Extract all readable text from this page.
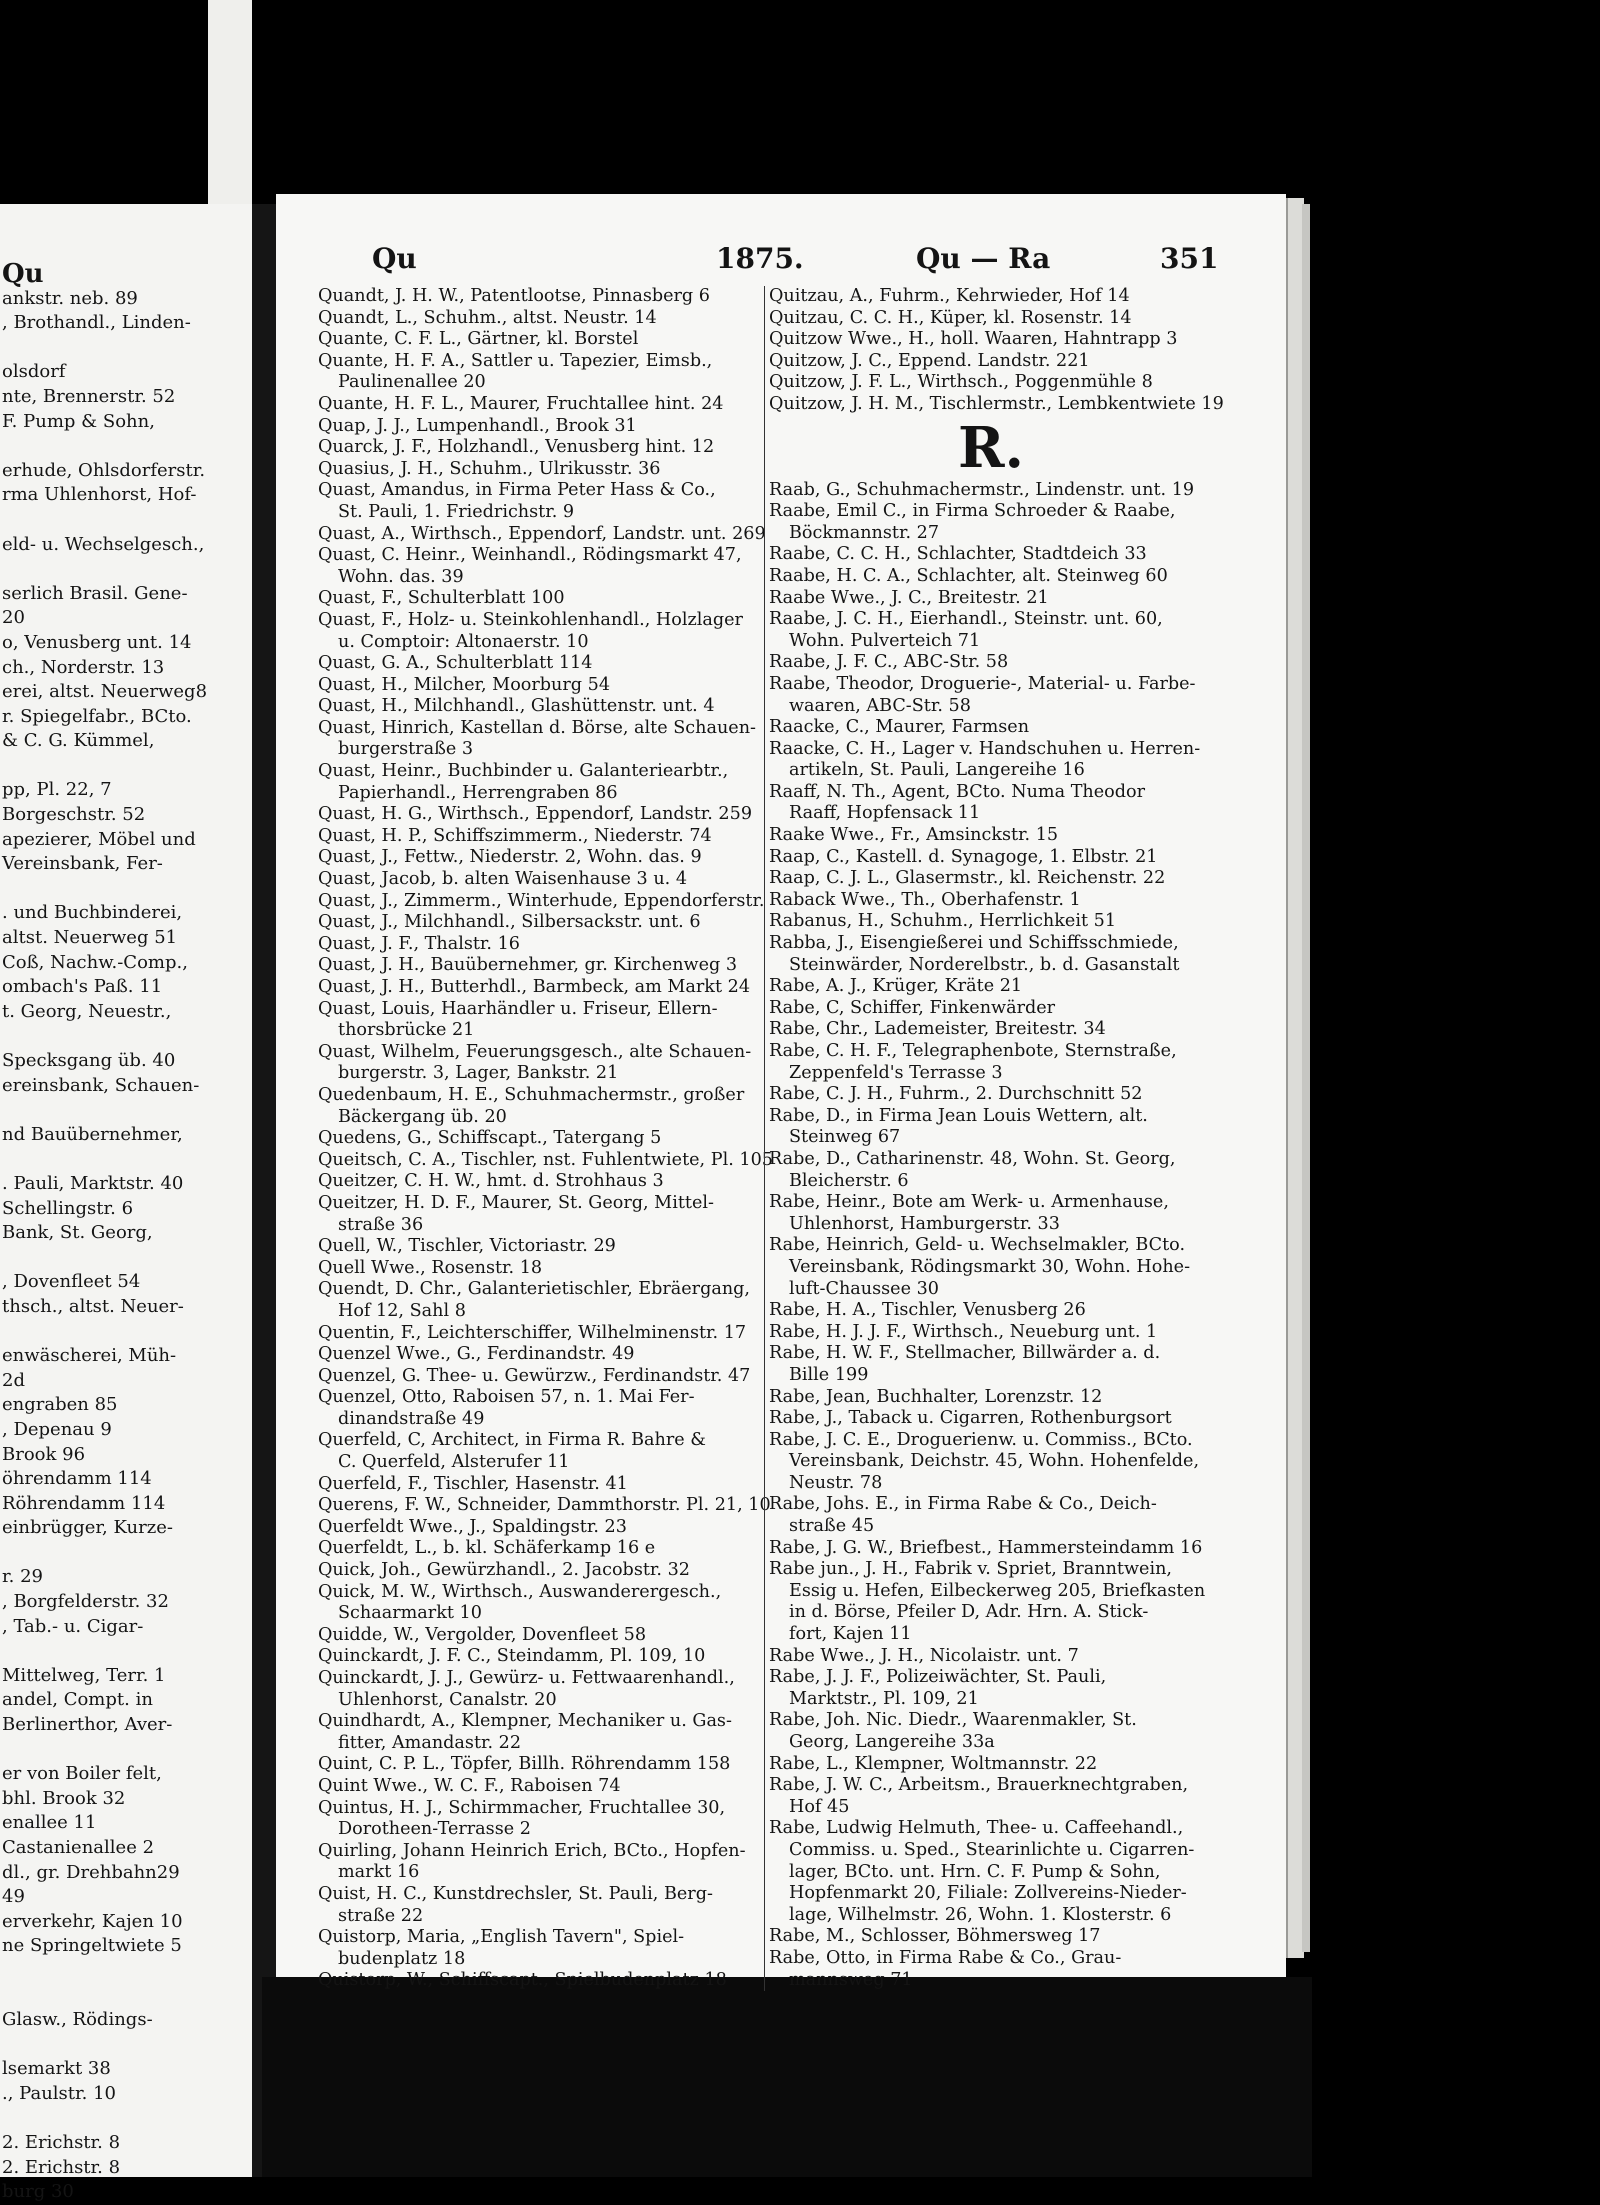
Qu
ankstr. neb. 89
, Brothandl., Linden-

olsdorf
nte, Brennerstr. 52
F. Pump & Sohn,

erhude, Ohlsdorferstr.
rma Uhlenhorst, Hof-

eld- u. Wechselgesch.,

serlich Brasil. Gene-
20
o, Venusberg unt. 14
ch., Norderstr. 13
erei, altst. Neuerweg8
r. Spiegelfabr., BCto.
& C. G. Kümmel,

pp, Pl. 22, 7
Borgeschstr. 52
apezierer, Möbel und
Vereinsbank, Fer-

. und Buchbinderei,
altst. Neuerweg 51
Coß, Nachw.-Comp.,
ombach's Paß. 11
t. Georg, Neuestr.,

Specksgang üb. 40
ereinsbank, Schauen-

nd Bauübernehmer,

. Pauli, Marktstr. 40
Schellingstr. 6
Bank, St. Georg,

, Dovenfleet 54
thsch., altst. Neuer-

enwäscherei, Müh-
2d
engraben 85
, Depenau 9
Brook 96
öhrendamm 114
Röhrendamm 114
einbrügger, Kurze-

r. 29
, Borgfelderstr. 32
, Tab.- u. Cigar-

Mittelweg, Terr. 1
andel, Compt. in
Berlinerthor, Aver-

er von Boiler felt,
bhl. Brook 32
enallee 11
Castanienallee 2
dl., gr. Drehbahn29
49
erverkehr, Kajen 10
ne Springeltwiete 5

Glasw., Rödings-

lsemarkt 38
., Paulstr. 10

2. Erichstr. 8
2. Erichstr. 8
burg 30
Qu	1875.	Qu — Ra	351
Quandt, J. H. W., Patentlootse, Pinnasberg 6
Quandt, L., Schuhm., altst. Neustr. 14
Quante, C. F. L., Gärtner, kl. Borstel
Quante, H. F. A., Sattler u. Tapezier, Eimsb.,
Paulinenallee 20
Quante, H. F. L., Maurer, Fruchtallee hint. 24
Quap, J. J., Lumpenhandl., Brook 31
Quarck, J. F., Holzhandl., Venusberg hint. 12
Quasius, J. H., Schuhm., Ulrikusstr. 36
Quast, Amandus, in Firma Peter Hass & Co.,
St. Pauli, 1. Friedrichstr. 9
Quast, A., Wirthsch., Eppendorf, Landstr. unt. 269
Quast, C. Heinr., Weinhandl., Rödingsmarkt 47,
Wohn. das. 39
Quast, F., Schulterblatt 100
Quast, F., Holz- u. Steinkohlenhandl., Holzlager
u. Comptoir: Altonaerstr. 10
Quast, G. A., Schulterblatt 114
Quast, H., Milcher, Moorburg 54
Quast, H., Milchhandl., Glashüttenstr. unt. 4
Quast, Hinrich, Kastellan d. Börse, alte Schauen-
burgerstraße 3
Quast, Heinr., Buchbinder u. Galanteriearbtr.,
Papierhandl., Herrengraben 86
Quast, H. G., Wirthsch., Eppendorf, Landstr. 259
Quast, H. P., Schiffszimmerm., Niederstr. 74
Quast, J., Fettw., Niederstr. 2, Wohn. das. 9
Quast, Jacob, b. alten Waisenhause 3 u. 4
Quast, J., Zimmerm., Winterhude, Eppendorferstr.
Quast, J., Milchhandl., Silbersackstr. unt. 6
Quast, J. F., Thalstr. 16
Quast, J. H., Bauübernehmer, gr. Kirchenweg 3
Quast, J. H., Butterhdl., Barmbeck, am Markt 24
Quast, Louis, Haarhändler u. Friseur, Ellern-
thorsbrücke 21
Quast, Wilhelm, Feuerungsgesch., alte Schauen-
burgerstr. 3, Lager, Bankstr. 21
Quedenbaum, H. E., Schuhmachermstr., großer
Bäckergang üb. 20
Quedens, G., Schiffscapt., Tatergang 5
Queitsch, C. A., Tischler, nst. Fuhlentwiete, Pl. 105
Queitzer, C. H. W., hmt. d. Strohhaus 3
Queitzer, H. D. F., Maurer, St. Georg, Mittel-
straße 36
Quell, W., Tischler, Victoriastr. 29
Quell Wwe., Rosenstr. 18
Quendt, D. Chr., Galanterietischler, Ebräergang,
Hof 12, Sahl 8
Quentin, F., Leichterschiffer, Wilhelminenstr. 17
Quenzel Wwe., G., Ferdinandstr. 49
Quenzel, G. Thee- u. Gewürzw., Ferdinandstr. 47
Quenzel, Otto, Raboisen 57, n. 1. Mai Fer-
dinandstraße 49
Querfeld, C, Architect, in Firma R. Bahre &
C. Querfeld, Alsterufer 11
Querfeld, F., Tischler, Hasenstr. 41
Querens, F. W., Schneider, Dammthorstr. Pl. 21, 10
Querfeldt Wwe., J., Spaldingstr. 23
Querfeldt, L., b. kl. Schäferkamp 16 e
Quick, Joh., Gewürzhandl., 2. Jacobstr. 32
Quick, M. W., Wirthsch., Auswanderergesch.,
Schaarmarkt 10
Quidde, W., Vergolder, Dovenfleet 58
Quinckardt, J. F. C., Steindamm, Pl. 109, 10
Quinckardt, J. J., Gewürz- u. Fettwaarenhandl.,
Uhlenhorst, Canalstr. 20
Quindhardt, A., Klempner, Mechaniker u. Gas-
fitter, Amandastr. 22
Quint, C. P. L., Töpfer, Billh. Röhrendamm 158
Quint Wwe., W. C. F., Raboisen 74
Quintus, H. J., Schirmmacher, Fruchtallee 30,
Dorotheen-Terrasse 2
Quirling, Johann Heinrich Erich, BCto., Hopfen-
markt 16
Quist, H. C., Kunstdrechsler, St. Pauli, Berg-
straße 22
Quistorp, Maria, „English Tavern", Spiel-
budenplatz 18
Quistorp, W., Schiffscapt., Spielbudenplatz 18
Quitzau, A., Fuhrm., Kehrwieder, Hof 14
Quitzau, C. C. H., Küper, kl. Rosenstr. 14
Quitzow Wwe., H., holl. Waaren, Hahntrapp 3
Quitzow, J. C., Eppend. Landstr. 221
Quitzow, J. F. L., Wirthsch., Poggenmühle 8
Quitzow, J. H. M., Tischlermstr., Lembkentwiete 19
R.
Raab, G., Schuhmachermstr., Lindenstr. unt. 19
Raabe, Emil C., in Firma Schroeder & Raabe,
Böckmannstr. 27
Raabe, C. C. H., Schlachter, Stadtdeich 33
Raabe, H. C. A., Schlachter, alt. Steinweg 60
Raabe Wwe., J. C., Breitestr. 21
Raabe, J. C. H., Eierhandl., Steinstr. unt. 60,
Wohn. Pulverteich 71
Raabe, J. F. C., ABC-Str. 58
Raabe, Theodor, Droguerie-, Material- u. Farbe-
waaren, ABC-Str. 58
Raacke, C., Maurer, Farmsen
Raacke, C. H., Lager v. Handschuhen u. Herren-
artikeln, St. Pauli, Langereihe 16
Raaff, N. Th., Agent, BCto. Numa Theodor
Raaff, Hopfensack 11
Raake Wwe., Fr., Amsinckstr. 15
Raap, C., Kastell. d. Synagoge, 1. Elbstr. 21
Raap, C. J. L., Glasermstr., kl. Reichenstr. 22
Raback Wwe., Th., Oberhafenstr. 1
Rabanus, H., Schuhm., Herrlichkeit 51
Rabba, J., Eisengießerei und Schiffsschmiede,
Steinwärder, Norderelbstr., b. d. Gasanstalt
Rabe, A. J., Krüger, Kräte 21
Rabe, C, Schiffer, Finkenwärder
Rabe, Chr., Lademeister, Breitestr. 34
Rabe, C. H. F., Telegraphenbote, Sternstraße,
Zeppenfeld's Terrasse 3
Rabe, C. J. H., Fuhrm., 2. Durchschnitt 52
Rabe, D., in Firma Jean Louis Wettern, alt.
Steinweg 67
Rabe, D., Catharinenstr. 48, Wohn. St. Georg,
Bleicherstr. 6
Rabe, Heinr., Bote am Werk- u. Armenhause,
Uhlenhorst, Hamburgerstr. 33
Rabe, Heinrich, Geld- u. Wechselmakler, BCto.
Vereinsbank, Rödingsmarkt 30, Wohn. Hohe-
luft-Chaussee 30
Rabe, H. A., Tischler, Venusberg 26
Rabe, H. J. J. F., Wirthsch., Neueburg unt. 1
Rabe, H. W. F., Stellmacher, Billwärder a. d.
Bille 199
Rabe, Jean, Buchhalter, Lorenzstr. 12
Rabe, J., Taback u. Cigarren, Rothenburgsort
Rabe, J. C. E., Droguerienw. u. Commiss., BCto.
Vereinsbank, Deichstr. 45, Wohn. Hohenfelde,
Neustr. 78
Rabe, Johs. E., in Firma Rabe & Co., Deich-
straße 45
Rabe, J. G. W., Briefbest., Hammersteindamm 16
Rabe jun., J. H., Fabrik v. Spriet, Branntwein,
Essig u. Hefen, Eilbeckerweg 205, Briefkasten
in d. Börse, Pfeiler D, Adr. Hrn. A. Stick-
fort, Kajen 11
Rabe Wwe., J. H., Nicolaistr. unt. 7
Rabe, J. J. F., Polizeiwächter, St. Pauli,
Marktstr., Pl. 109, 21
Rabe, Joh. Nic. Diedr., Waarenmakler, St.
Georg, Langereihe 33a
Rabe, L., Klempner, Woltmannstr. 22
Rabe, J. W. C., Arbeitsm., Brauerknechtgraben,
Hof 45
Rabe, Ludwig Helmuth, Thee- u. Caffeehandl.,
Commiss. u. Sped., Stearinlichte u. Cigarren-
lager, BCto. unt. Hrn. C. F. Pump & Sohn,
Hopfenmarkt 20, Filiale: Zollvereins-Nieder-
lage, Wilhelmstr. 26, Wohn. 1. Klosterstr. 6
Rabe, M., Schlosser, Böhmersweg 17
Rabe, Otto, in Firma Rabe & Co., Grau-
mannsweg 71
